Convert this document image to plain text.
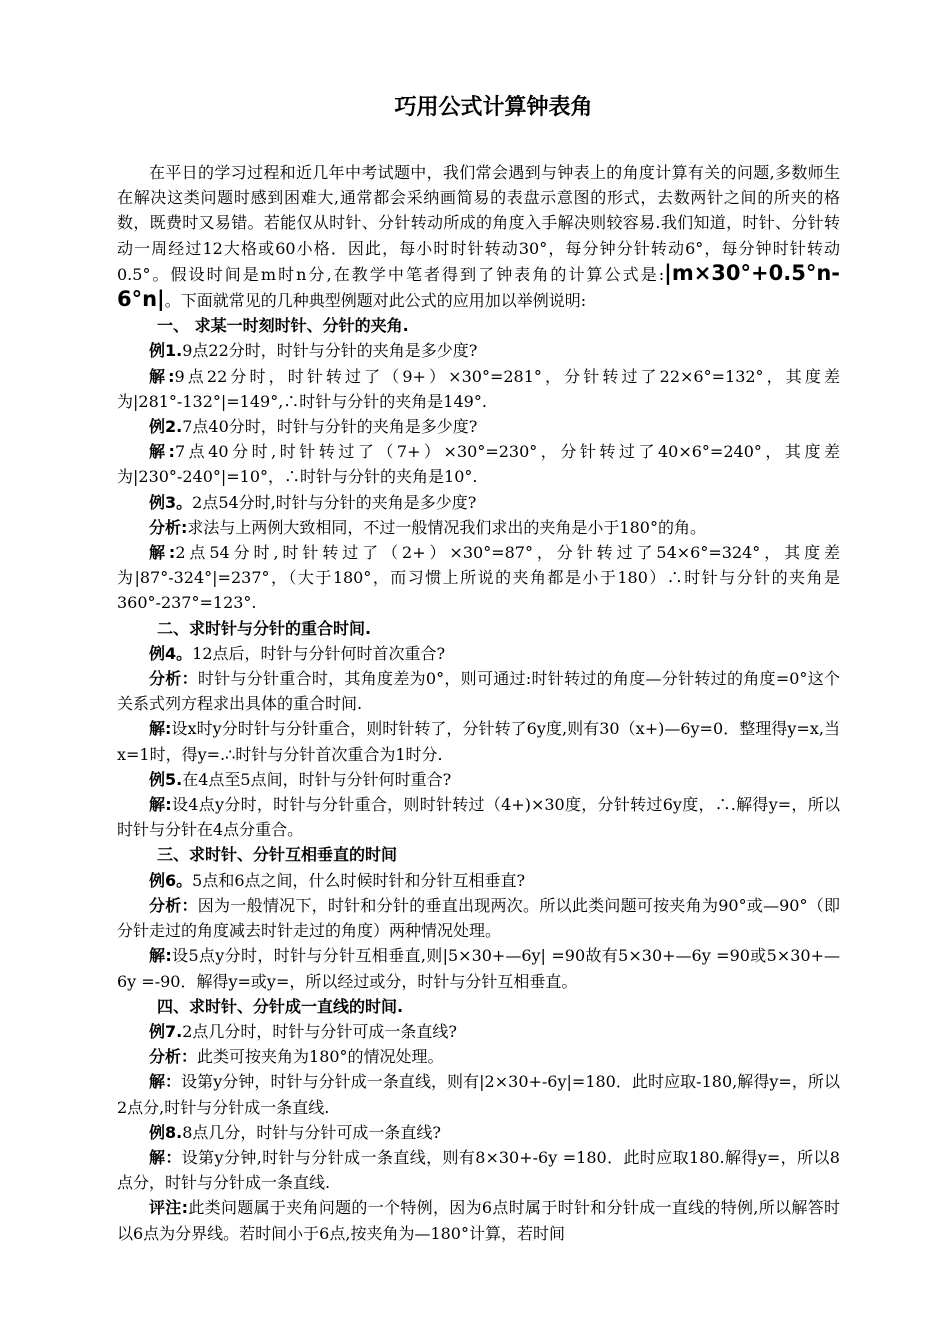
巧用公式计算钟表角

在平日的学习过程和近几年中考试题中，我们常会遇到与钟表上的角度计算有关的问题,多数师生在解决这类问题时感到困难大,通常都会采纳画简易的表盘示意图的形式，去数两针之间的所夹的格数，既费时又易错。若能仅从时针、分针转动所成的角度入手解决则较容易.我们知道，时针、分针转动一周经过12大格或60小格．因此，每小时时针转动30°，每分钟分针转动6°，每分钟时针转动0.5°。假设时间是m时n分,在教学中笔者得到了钟表角的计算公式是:|m×30°+0.5°n-6°n|。下面就常见的几种典型例题对此公式的应用加以举例说明:

一、 求某一时刻时针、分针的夹角.

例1.9点22分时，时针与分针的夹角是多少度?

解:9点22分时，时针转过了（9+）×30°=281°，分针转过了22×6°=132°，其度差为|281°-132°|=149°,∴时针与分针的夹角是149°.

例2.7点40分时，时针与分针的夹角是多少度?

解:7点40分时,时针转过了（7+）×30°=230°，分针转过了40×6°=240°，其度差为|230°-240°|=10°，∴时针与分针的夹角是10°.

例3。2点54分时,时针与分针的夹角是多少度?

分析:求法与上两例大致相同，不过一般情况我们求出的夹角是小于180°的角。

解:2点54分时,时针转过了（2+）×30°=87°，分针转过了54×6°=324°，其度差为|87°-324°|=237°，（大于180°，而习惯上所说的夹角都是小于180）∴时针与分针的夹角是360°-237°=123°.

二、求时针与分针的重合时间.

例4。12点后，时针与分针何时首次重合?

分析：时针与分针重合时，其角度差为0°，则可通过:时针转过的角度—分针转过的角度=0°这个关系式列方程求出具体的重合时间.

解:设x时y分时针与分针重合，则时针转了，分针转了6y度,则有30（x+)—6y=0．整理得y=x,当x=1时，得y=.∴时针与分针首次重合为1时分.

例5.在4点至5点间，时针与分针何时重合?

解:设4点y分时，时针与分针重合，则时针转过（4+)×30度，分针转过6y度，∴.解得y=，所以时针与分针在4点分重合。

三、求时针、分针互相垂直的时间

例6。5点和6点之间，什么时候时针和分针互相垂直?

分析：因为一般情况下，时针和分针的垂直出现两次。所以此类问题可按夹角为90°或—90°（即分针走过的角度减去时针走过的角度）两种情况处理。

解:设5点y分时，时针与分针互相垂直,则|5×30+—6y| =90故有5×30+—6y =90或5×30+—6y =-90．解得y=或y=，所以经过或分，时针与分针互相垂直。

四、求时针、分针成一直线的时间.

例7.2点几分时，时针与分针可成一条直线?

分析：此类可按夹角为180°的情况处理。

解：设第y分钟，时针与分针成一条直线，则有|2×30+-6y|=180．此时应取-180,解得y=，所以2点分,时针与分针成一条直线.

例8.8点几分，时针与分针可成一条直线?

解：设第y分钟,时针与分针成一条直线，则有8×30+-6y =180．此时应取180.解得y=，所以8点分，时针与分针成一条直线.

评注:此类问题属于夹角问题的一个特例，因为6点时属于时针和分针成一直线的特例,所以解答时以6点为分界线。若时间小于6点,按夹角为—180°计算，若时间
